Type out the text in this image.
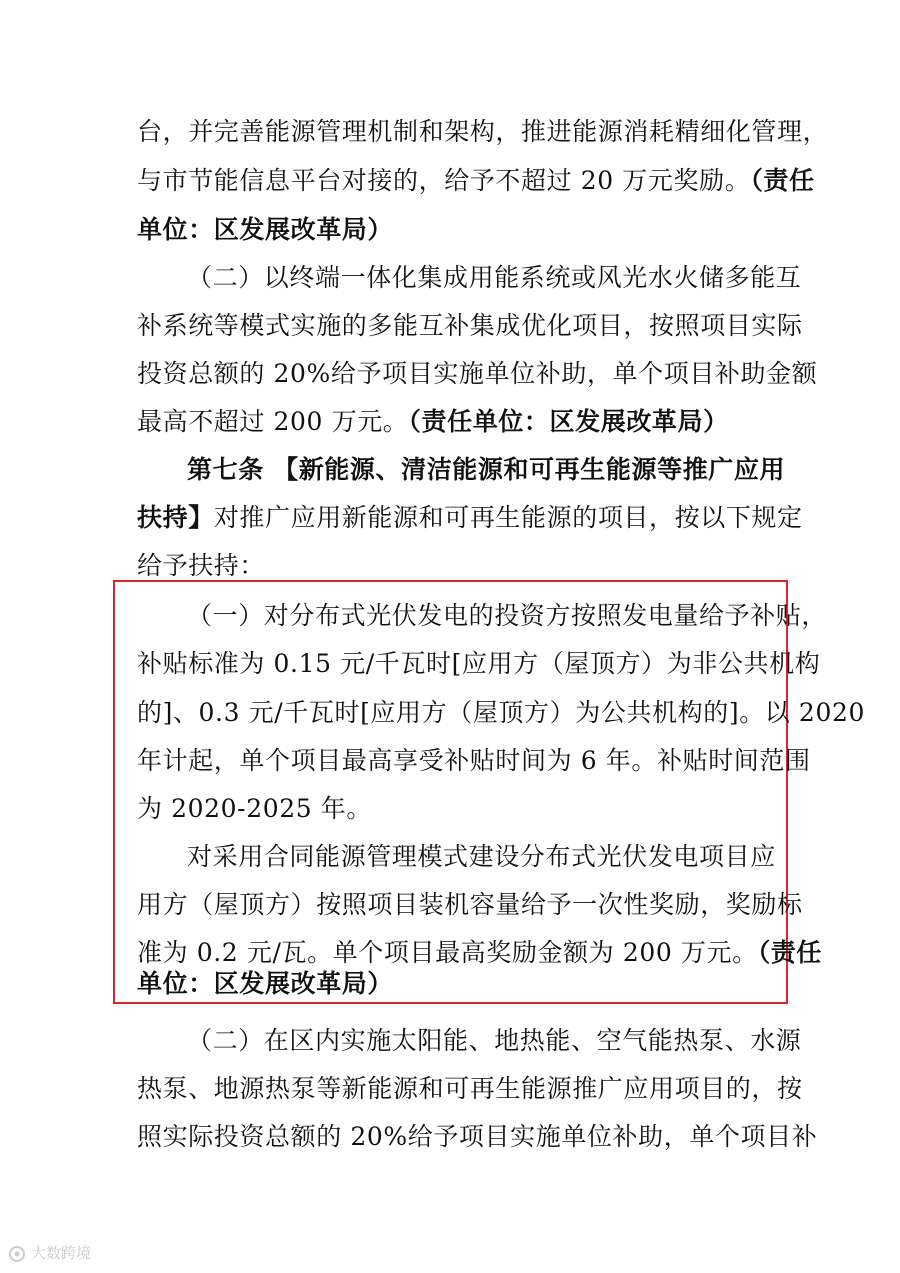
台，并完善能源管理机制和架构，推进能源消耗精细化管理，
与市节能信息平台对接的，给予不超过 20 万元奖励。（责任
单位：区发展改革局）
（二）以终端一体化集成用能系统或风光水火储多能互
补系统等模式实施的多能互补集成优化项目，按照项目实际
投资总额的 20%给予项目实施单位补助，单个项目补助金额
最高不超过 200 万元。（责任单位：区发展改革局）
第七条 【新能源、清洁能源和可再生能源等推广应用
扶持】对推广应用新能源和可再生能源的项目，按以下规定
给予扶持：
（一）对分布式光伏发电的投资方按照发电量给予补贴，
补贴标准为 0.15 元/千瓦时[应用方（屋顶方）为非公共机构
的]、0.3 元/千瓦时[应用方（屋顶方）为公共机构的]。以 2020
年计起，单个项目最高享受补贴时间为 6 年。补贴时间范围
为 2020-2025 年。
对采用合同能源管理模式建设分布式光伏发电项目应
用方（屋顶方）按照项目装机容量给予一次性奖励，奖励标
准为 0.2 元/瓦。单个项目最高奖励金额为 200 万元。（责任
单位：区发展改革局）
（二）在区内实施太阳能、地热能、空气能热泵、水源
热泵、地源热泵等新能源和可再生能源推广应用项目的，按
照实际投资总额的 20%给予项目实施单位补助，单个项目补
大数跨境
